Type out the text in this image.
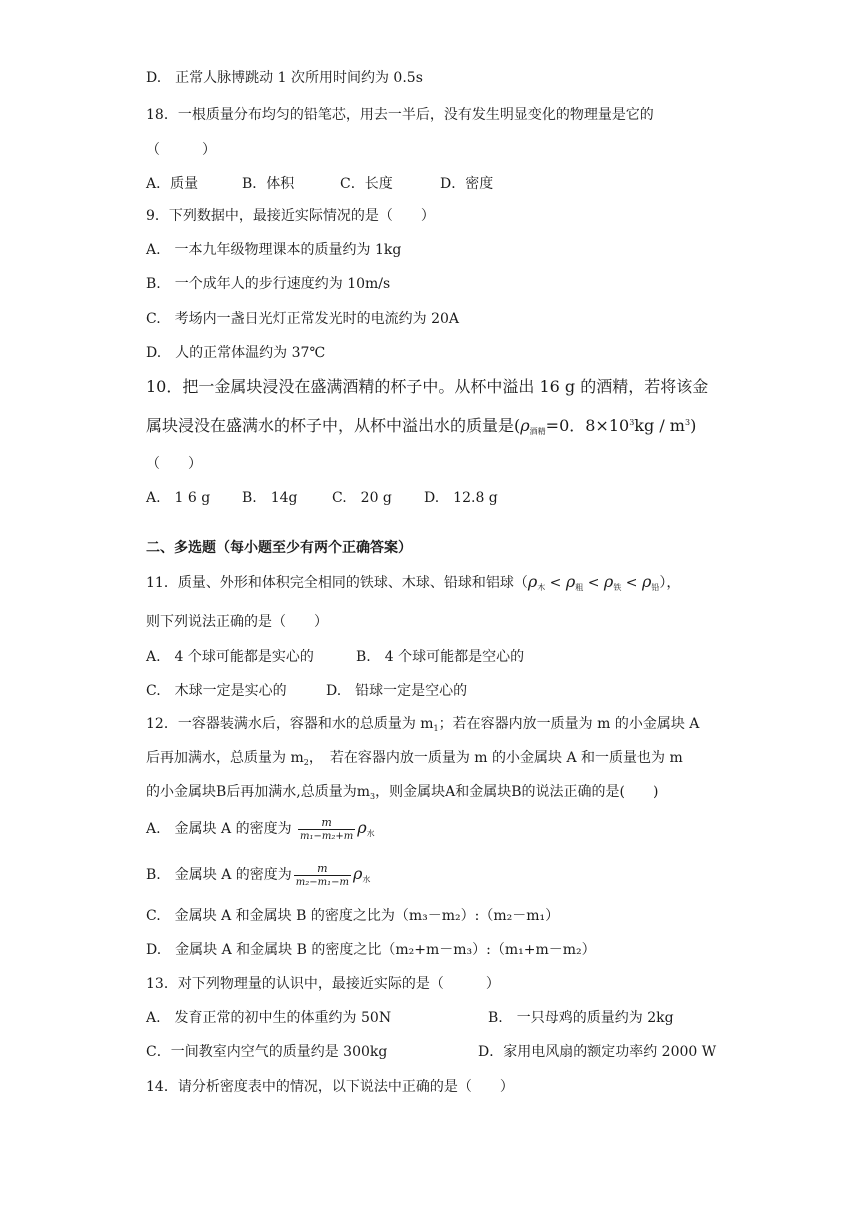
D.　正常人脉博跳动 1 次所用时间约为 0.5s
18．一根质量分布均匀的铅笔芯，用去一半后，没有发生明显变化的物理量是它的
（　　　）
A．质量	B．体积	C．长度	D．密度
9．下列数据中，最接近实际情况的是（　　）
A.　一本九年级物理课本的质量约为 1kg
B.　一个成年人的步行速度约为 10m/s
C.　考场内一盏日光灯正常发光时的电流约为 20A
D.　人的正常体温约为 37℃
10．把一金属块浸没在盛满酒精的杯子中。从杯中溢出 16 g 的酒精，若将该金
属块浸没在盛满水的杯子中，从杯中溢出水的质量是($\rho_{酒精}=0$．$8\times 10^3kg / m^3$)
（　　）
A.　1 6 g B.　14g C.　20 g D.　12.8 g
二、多选题（每小题至少有两个正确答案）
11．质量、外形和体积完全相同的铁球、木球、铅球和铝球$(\rho_木 < \rho_粗 < \rho_铁 < \rho_铅)$，
则下列说法正确的是（　　）
A.　4 个球可能都是实心的	B.　4 个球可能都是空心的
C.　木球一定是实心的	D.　铅球一定是空心的
12．一容器装满水后，容器和水的总质量为 $m_1$；若在容器内放一质量为 m 的小金属块 A
后再加满水，总质量为 $m_2$，　若在容器内放一质量为 m 的小金属块 A 和一质量也为 m
的小金属块B后再加满水,总质量为$m_3$，则金属块A和金属块B的说法正确的是(　　)
A.　金属块 A 的密度为 $\frac{m}{\text{m₁−m₂+m}} \rho_水$
B.　金属块 A 的密度为 $\frac{m}{\text{m₂−m₁−m}} \rho_水$
C.　金属块 A 和金属块 B 的密度之比为（m₃－m₂）:（m₂－m₁）
D.　金属块 A 和金属块 B 的密度之比（m₂+m－m₃）:（m₁+m－m₂）
13．对下列物理量的认识中，最接近实际的是（　　　）
A.　发育正常的初中生的体重约为 50N	B.　一只母鸡的质量约为 2kg
C．一间教室内空气的质量约是 300kg	D．家用电风扇的额定功率约 2000 W
14．请分析密度表中的情况，以下说法中正确的是（　　）
